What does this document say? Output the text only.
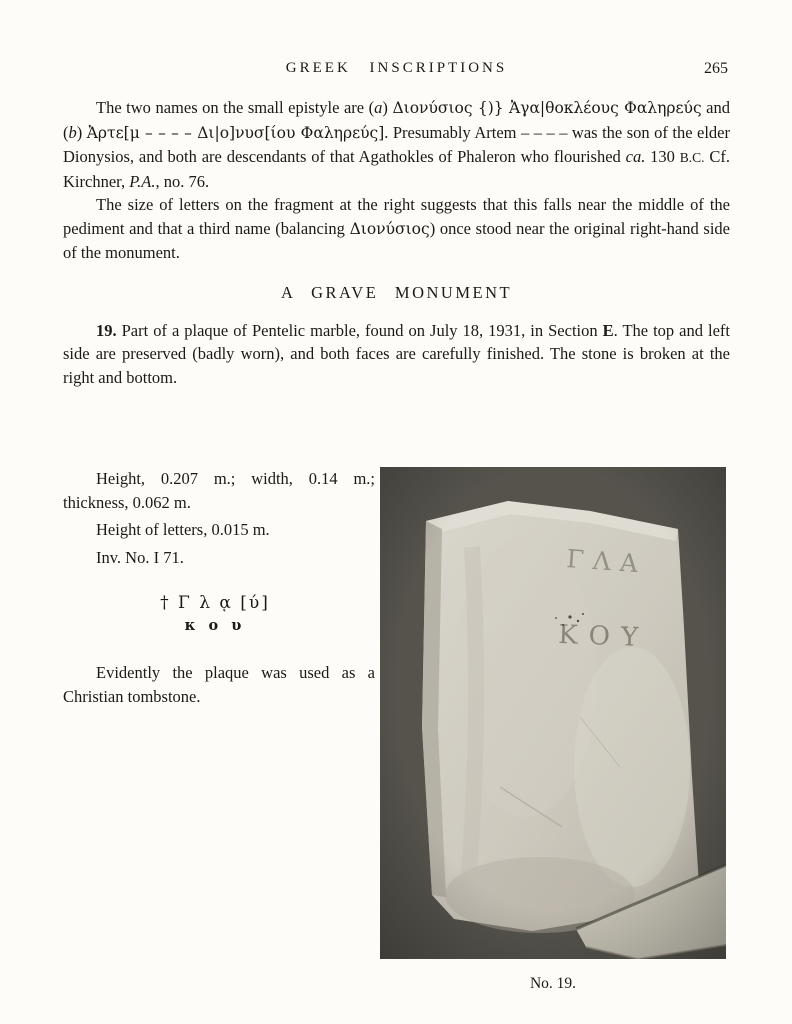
GREEK INSCRIPTIONS	265

The two names on the small epistyle are (a) Διονύσιος {)} Ἀγα|θοκλέους Φαληρεύς and (b) Ἀρτε[μ – – – – Δι|ο]νυσ[ίου Φαληρεύς]. Presumably Artem – – – – was the son of the elder Dionysios, and both are descendants of that Agathokles of Phaleron who flourished ca. 130 B.C. Cf. Kirchner, P.A., no. 76.

The size of letters on the fragment at the right suggests that this falls near the middle of the pediment and that a third name (balancing Διονύσιος) once stood near the original right-hand side of the monument.

A GRAVE MONUMENT

19. Part of a plaque of Pentelic marble, found on July 18, 1931, in Section E. The top and left side are preserved (badly worn), and both faces are carefully finished. The stone is broken at the right and bottom.

Height, 0.207 m.; width, 0.14 m.; thickness, 0.062 m.

Height of letters, 0.015 m.

Inv. No. I 71.

† Γ λ ᾳ [ύ]
κ ο υ

Evidently the plaque was used as a Christian tombstone.

No. 19.
